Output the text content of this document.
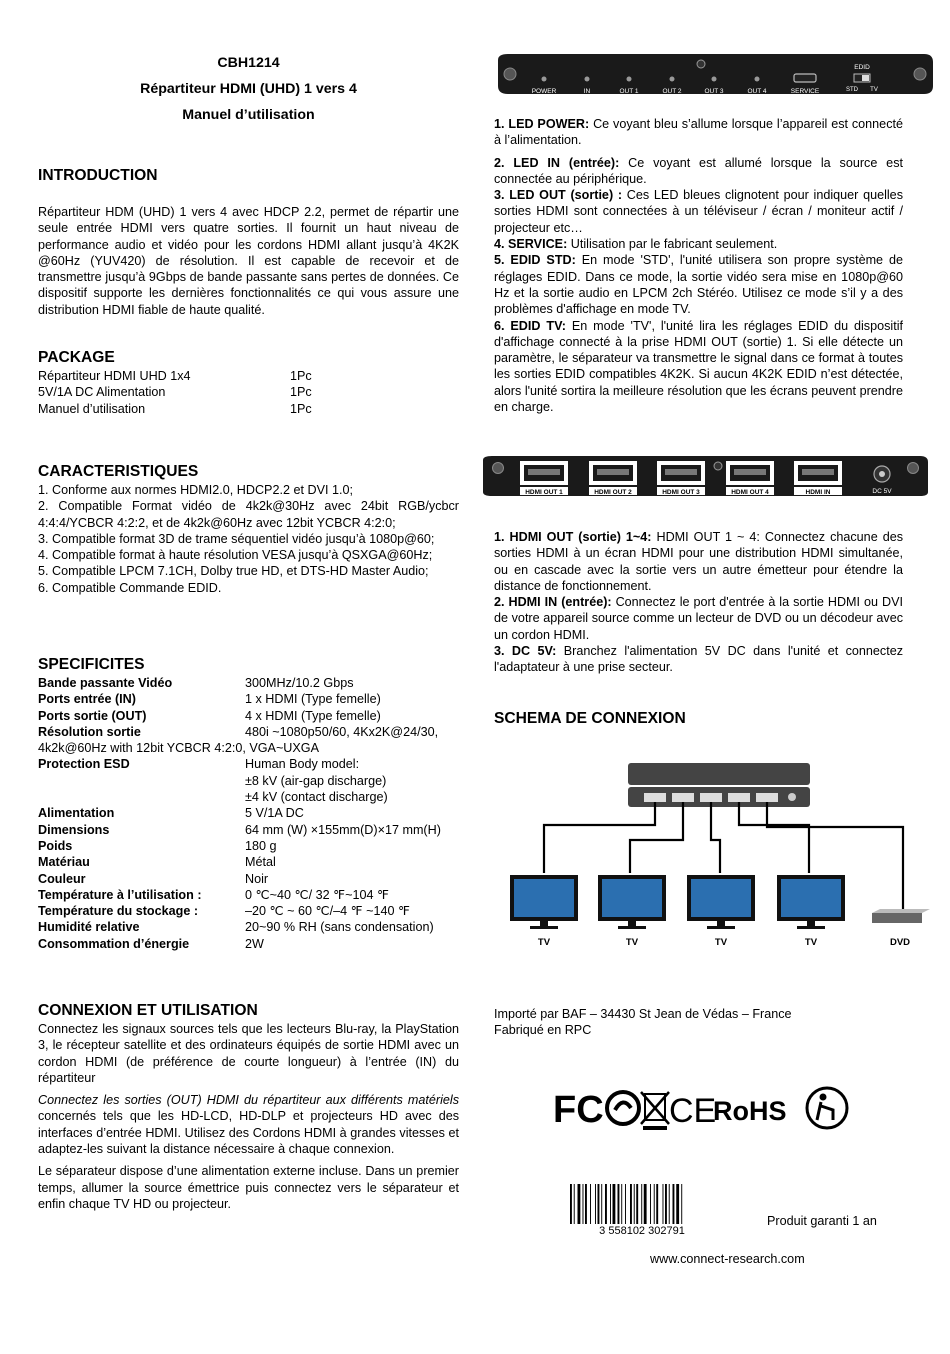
CBH1214
Répartiteur HDMI (UHD) 1 vers 4
Manuel d’utilisation
INTRODUCTION

Répartiteur HDM (UHD) 1 vers 4 avec HDCP 2.2, permet de répartir une seule entrée HDMI vers quatre sorties. Il fournit un haut niveau de performance audio et vidéo pour les cordons HDMI allant jusqu’à 4K2K @60Hz (YUV420) de résolution. Il est capable de recevoir et de transmettre jusqu’à 9Gbps de bande passante sans pertes de données. Ce dispositif supporte les dernières fonctionnalités ce qui vous assure une distribution HDMI fiable de haute qualité.

PACKAGE
Répartiteur HDMI UHD 1x4	1Pc
5V/1A DC Alimentation	1Pc
Manuel d’utilisation	1Pc
CARACTERISTIQUES

1. Conforme aux normes HDMI2.0, HDCP2.2 et DVI 1.0;

2. Compatible Format vidéo de 4k2k@30Hz avec 24bit RGB/ycbcr 4:4:4/YCBCR 4:2:2, et de 4k2k@60Hz avec 12bit YCBCR 4:2:0;

3. Compatible format 3D de trame séquentiel vidéo jusqu’à 1080p@60;

4. Compatible format à haute résolution VESA jusqu’à QSXGA@60Hz;

5. Compatible LPCM 7.1CH, Dolby true HD, et DTS-HD Master Audio;

6. Compatible Commande EDID.

SPECIFICITES
Bande passante Vidéo	300MHz/10.2 Gbps
Ports entrée (IN)	1 x HDMI (Type femelle)
Ports sortie (OUT)	4 x HDMI (Type femelle)
Résolution sortie	480i ~1080p50/60, 4Kx2K@24/30,
4k2k@60Hz with 12bit YCBCR 4:2:0, VGA~UXGA
Protection ESD	Human Body model:
±8 kV (air-gap discharge)
±4 kV (contact discharge)
Alimentation	5 V/1A DC
Dimensions	64 mm (W) ×155mm(D)×17 mm(H)
Poids	180 g
Matériau	Métal
Couleur	Noir
Température à l’utilisation :	0 ℃~40 ℃/ 32 ℉~104 ℉
Température du stockage :	–20 ℃ ~ 60 ℃/–4 ℉ ~140 ℉
Humidité relative	20~90 % RH (sans condensation)
Consommation d’énergie	2W
CONNEXION ET UTILISATION

Connectez les signaux sources tels que les lecteurs Blu-ray, la PlayStation 3, le récepteur satellite et des ordinateurs équipés de sortie HDMI avec un cordon HDMI (de préférence de courte longueur) à l’entrée (IN) du répartiteur

Connectez les sorties (OUT) HDMI du répartiteur aux différents matériels concernés tels que les HD-LCD, HD-DLP et projecteurs HD avec des interfaces d’entrée HDMI. Utilisez des Cordons HDMI à grandes vitesses et adaptez-les suivant la distance nécessaire à chaque connexion.

Le séparateur dispose d’une alimentation externe incluse. Dans un premier temps, allumer la source émettrice puis connectez vers le séparateur et enfin chaque TV HD ou projecteur.

POWER	IN	OUT 1	OUT 2	OUT 3	OUT 4	SERVICE
EDID
STD TV

1. LED POWER: Ce voyant bleu s’allume lorsque l’appareil est connecté à l’alimentation.

2. LED IN (entrée): Ce voyant est allumé lorsque la source est connectée au périphérique.

3. LED OUT (sortie) : Ces LED bleues clignotent pour indiquer quelles sorties HDMI sont connectées à un téléviseur / écran / moniteur actif / projecteur etc…

4. SERVICE: Utilisation par le fabricant seulement.

5. EDID STD: En mode 'STD', l'unité utilisera son propre système de réglages EDID. Dans ce mode, la sortie vidéo sera mise en 1080p@60 Hz et la sortie audio en LPCM 2ch Stéréo. Utilisez ce mode s’il y a des problèmes d'affichage en mode TV.

6. EDID TV: En mode 'TV', l'unité lira les réglages EDID du dispositif d'affichage connecté à la prise HDMI OUT (sortie) 1. Si elle détecte un paramètre, le séparateur va transmettre le signal dans ce format à toutes les sorties EDID compatibles 4K2K. Si aucun 4K2K EDID n’est détectée, alors l'unité sortira la meilleure résolution que les écrans peuvent prendre en charge.

HDMI OUT 1	HDMI OUT 2	HDMI OUT 3	HDMI OUT 4	HDMI IN	DC 5V

1. HDMI OUT (sortie) 1~4: HDMI OUT 1 ~ 4: Connectez chacune des sorties HDMI à un écran HDMI pour une distribution HDMI simultanée, ou en cascade avec la sortie vers un autre émetteur pour étendre la distance de fonctionnement.

2. HDMI IN (entrée): Connectez le port d'entrée à la sortie HDMI ou DVI de votre appareil source comme un lecteur de DVD ou un décodeur avec un cordon HDMI.

3. DC 5V: Branchez l'alimentation 5V DC dans l'unité et connectez l'adaptateur à une prise secteur.

SCHEMA DE CONNEXION
TV	TV	TV	TV	DVD

Importé par BAF – 34430 St Jean de Védas – France

Fabriqué en RPC

FC CE
RoHS
3 558102 302791
Produit garanti 1 an
www.connect-research.com
